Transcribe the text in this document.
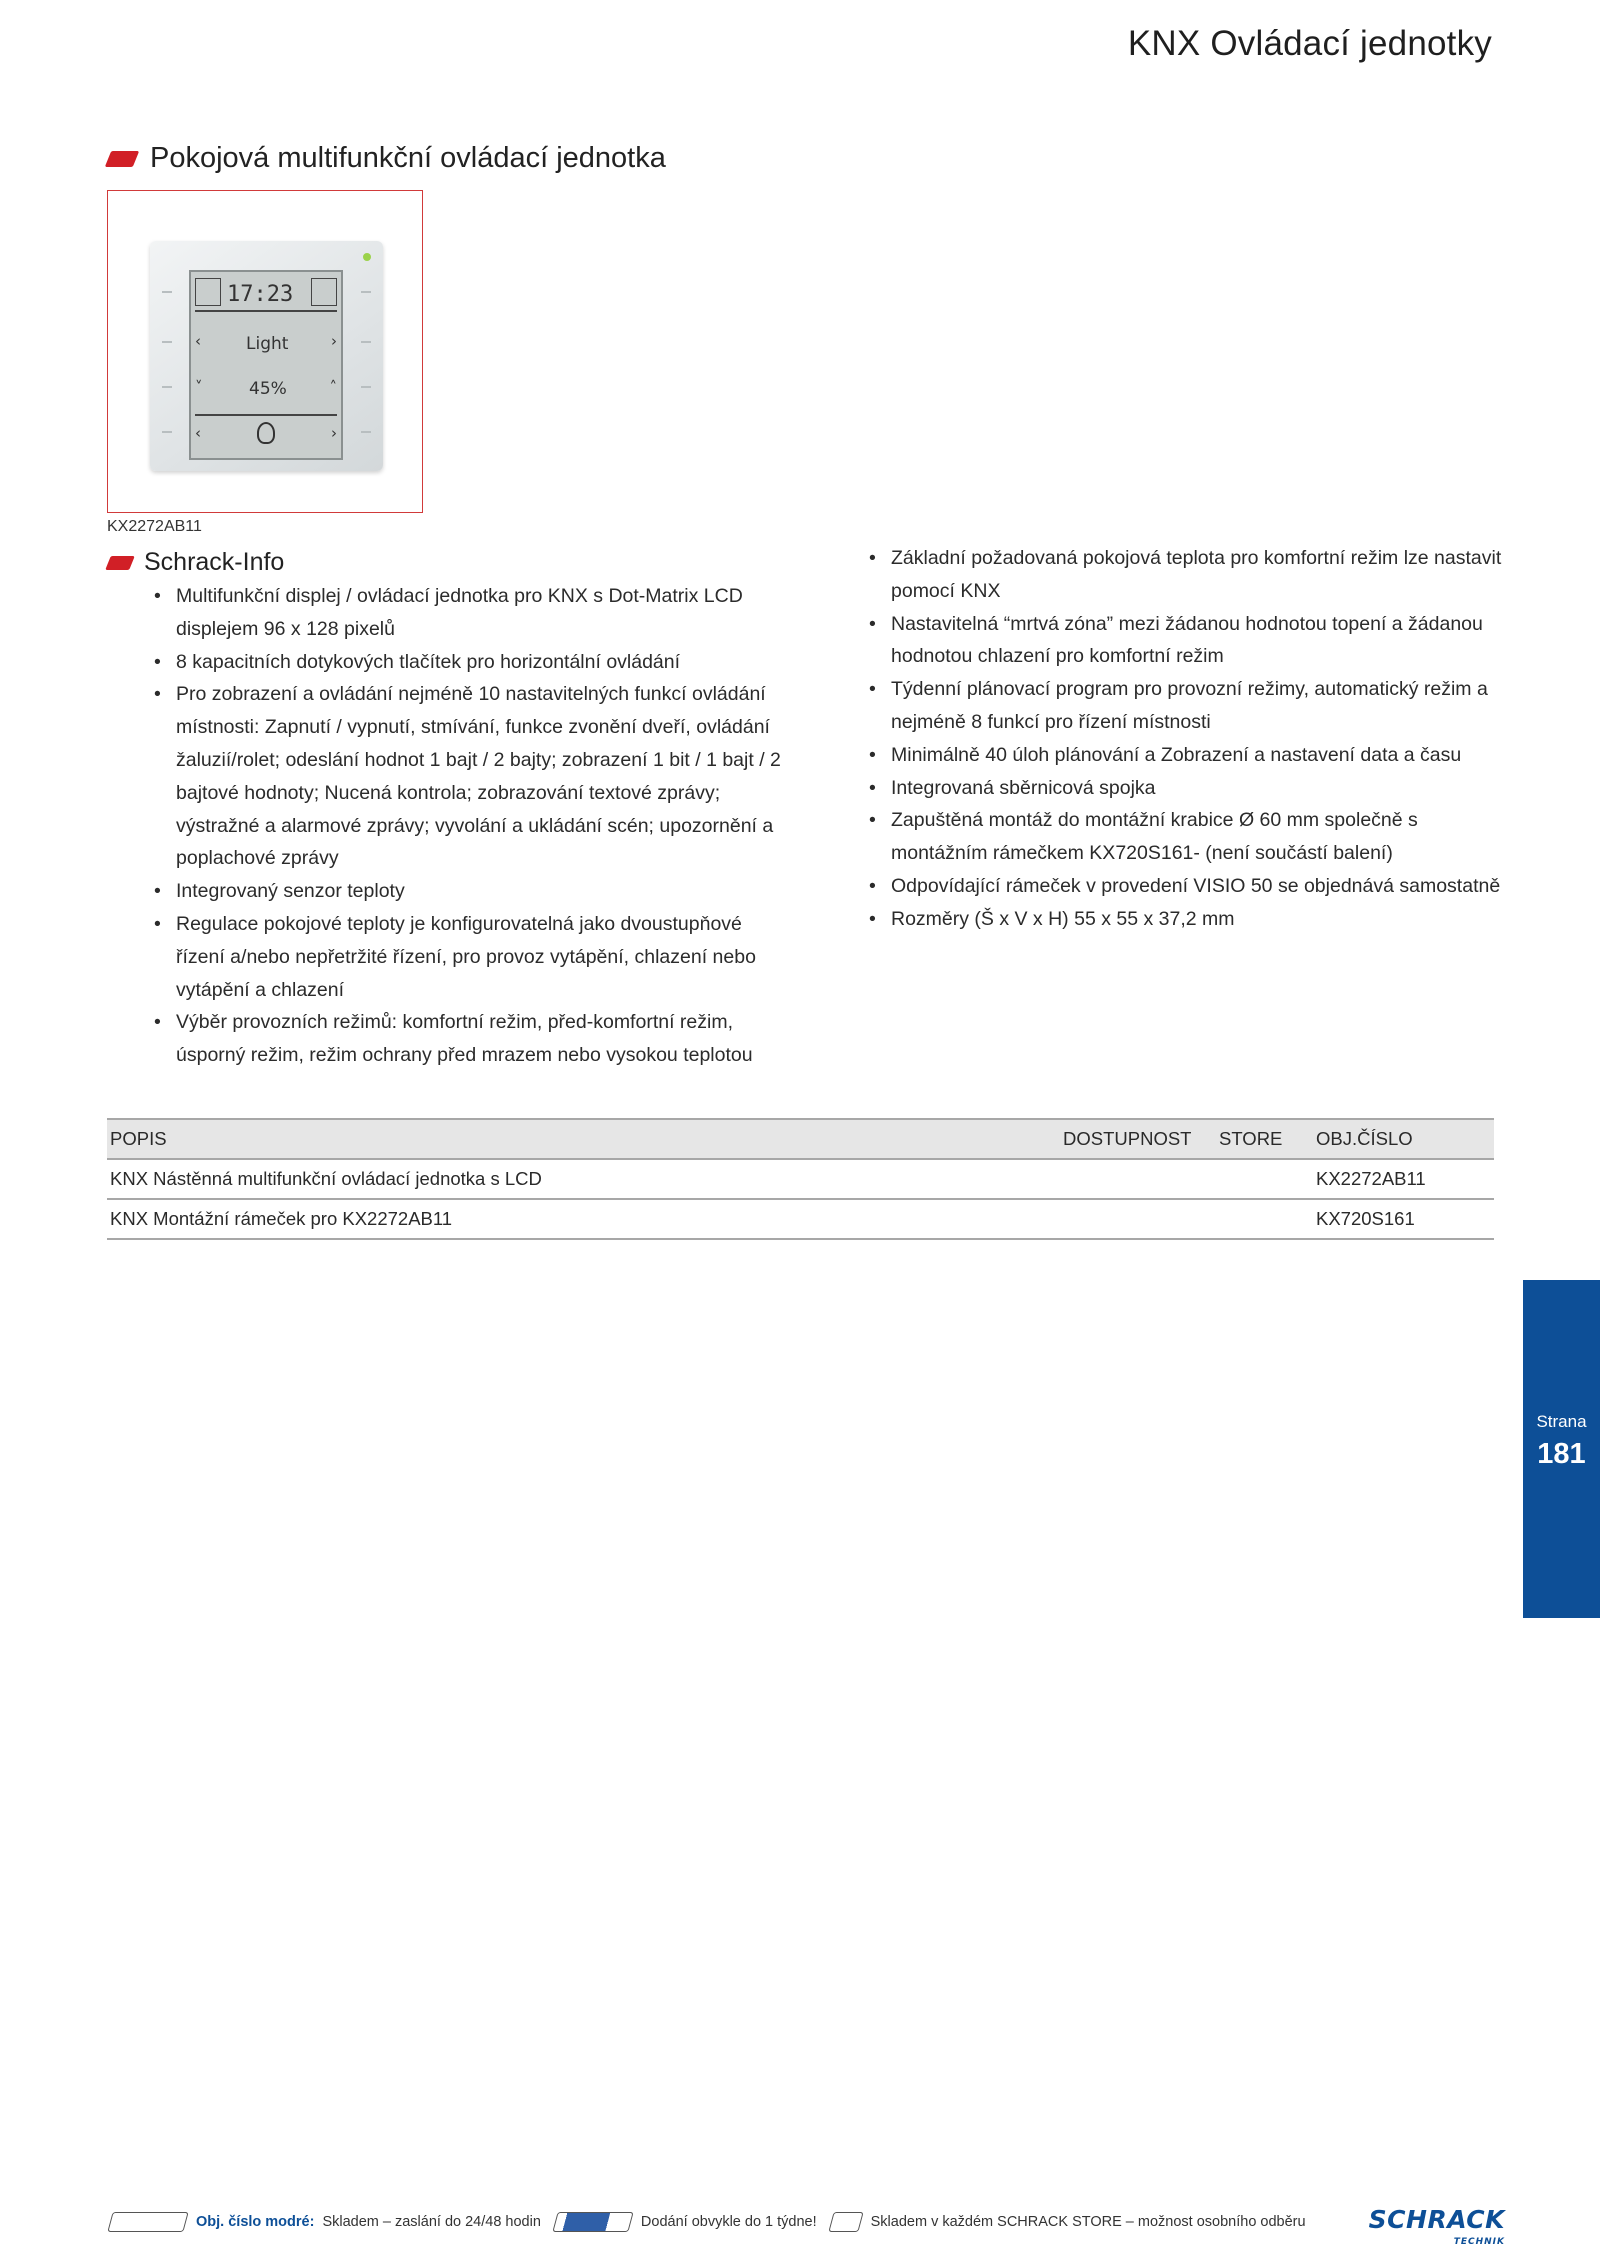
KNX Ovládací jednotky
Pokojová multifunkční ovládací jednotka
17:23
‹	›
Light
˅	˄
45%
‹	›
KX2272AB11
Schrack-Info
• Multifunkční displej / ovládací jednotka pro KNX s Dot-Matrix LCD displejem 96 x 128 pixelů
• 8 kapacitních dotykových tlačítek pro horizontální ovládání
• Pro zobrazení a ovládání nejméně 10 nastavitelných funkcí ovládání místnosti: Zapnutí / vypnutí, stmívání, funkce zvonění dveří, ovládání žaluzií/rolet; odeslání hodnot 1 bajt / 2 bajty; zobrazení 1 bit / 1 bajt / 2 bajtové hodnoty; Nucená kontrola; zobrazování textové zprávy; výstražné a alarmové zprávy; vyvolání a ukládání scén; upozornění a poplachové zprávy
• Integrovaný senzor teploty
• Regulace pokojové teploty je konfigurovatelná jako dvoustupňové řízení a/nebo nepřetržité řízení, pro provoz vytápění, chlazení nebo vytápění a chlazení
• Výběr provozních režimů: komfortní režim, před-komfortní režim, úsporný režim, režim ochrany před mrazem nebo vysokou teplotou
• Základní požadovaná pokojová teplota pro komfortní režim lze nastavit pomocí KNX
• Nastavitelná “mrtvá zóna” mezi žádanou hodnotou topení a žádanou hodnotou chlazení pro komfortní režim
• Týdenní plánovací program pro provozní režimy, automatický režim a nejméně 8 funkcí pro řízení místnosti
• Minimálně 40 úloh plánování a Zobrazení a nastavení data a času
• Integrovaná sběrnicová spojka
• Zapuštěná montáž do montážní krabice Ø 60 mm společně s montážním rámečkem KX720S161- (není součástí balení)
• Odpovídající rámeček v provedení VISIO 50 se objednává samostatně
• Rozměry (Š x V x H) 55 x 55 x 37,2 mm
POPIS	DOSTUPNOST	STORE	OBJ.ČÍSLO
KNX Nástěnná multifunkční ovládací jednotka s LCD			KX2272AB11
KNX Montážní rámeček pro KX2272AB11			KX720S161
Strana
181
Obj. číslo modré: Skladem – zaslání do 24/48 hodin	Dodání obvykle do 1 týdne!	Skladem v každém SCHRACK STORE – možnost osobního odběru	SCHRACK
TECHNIK
